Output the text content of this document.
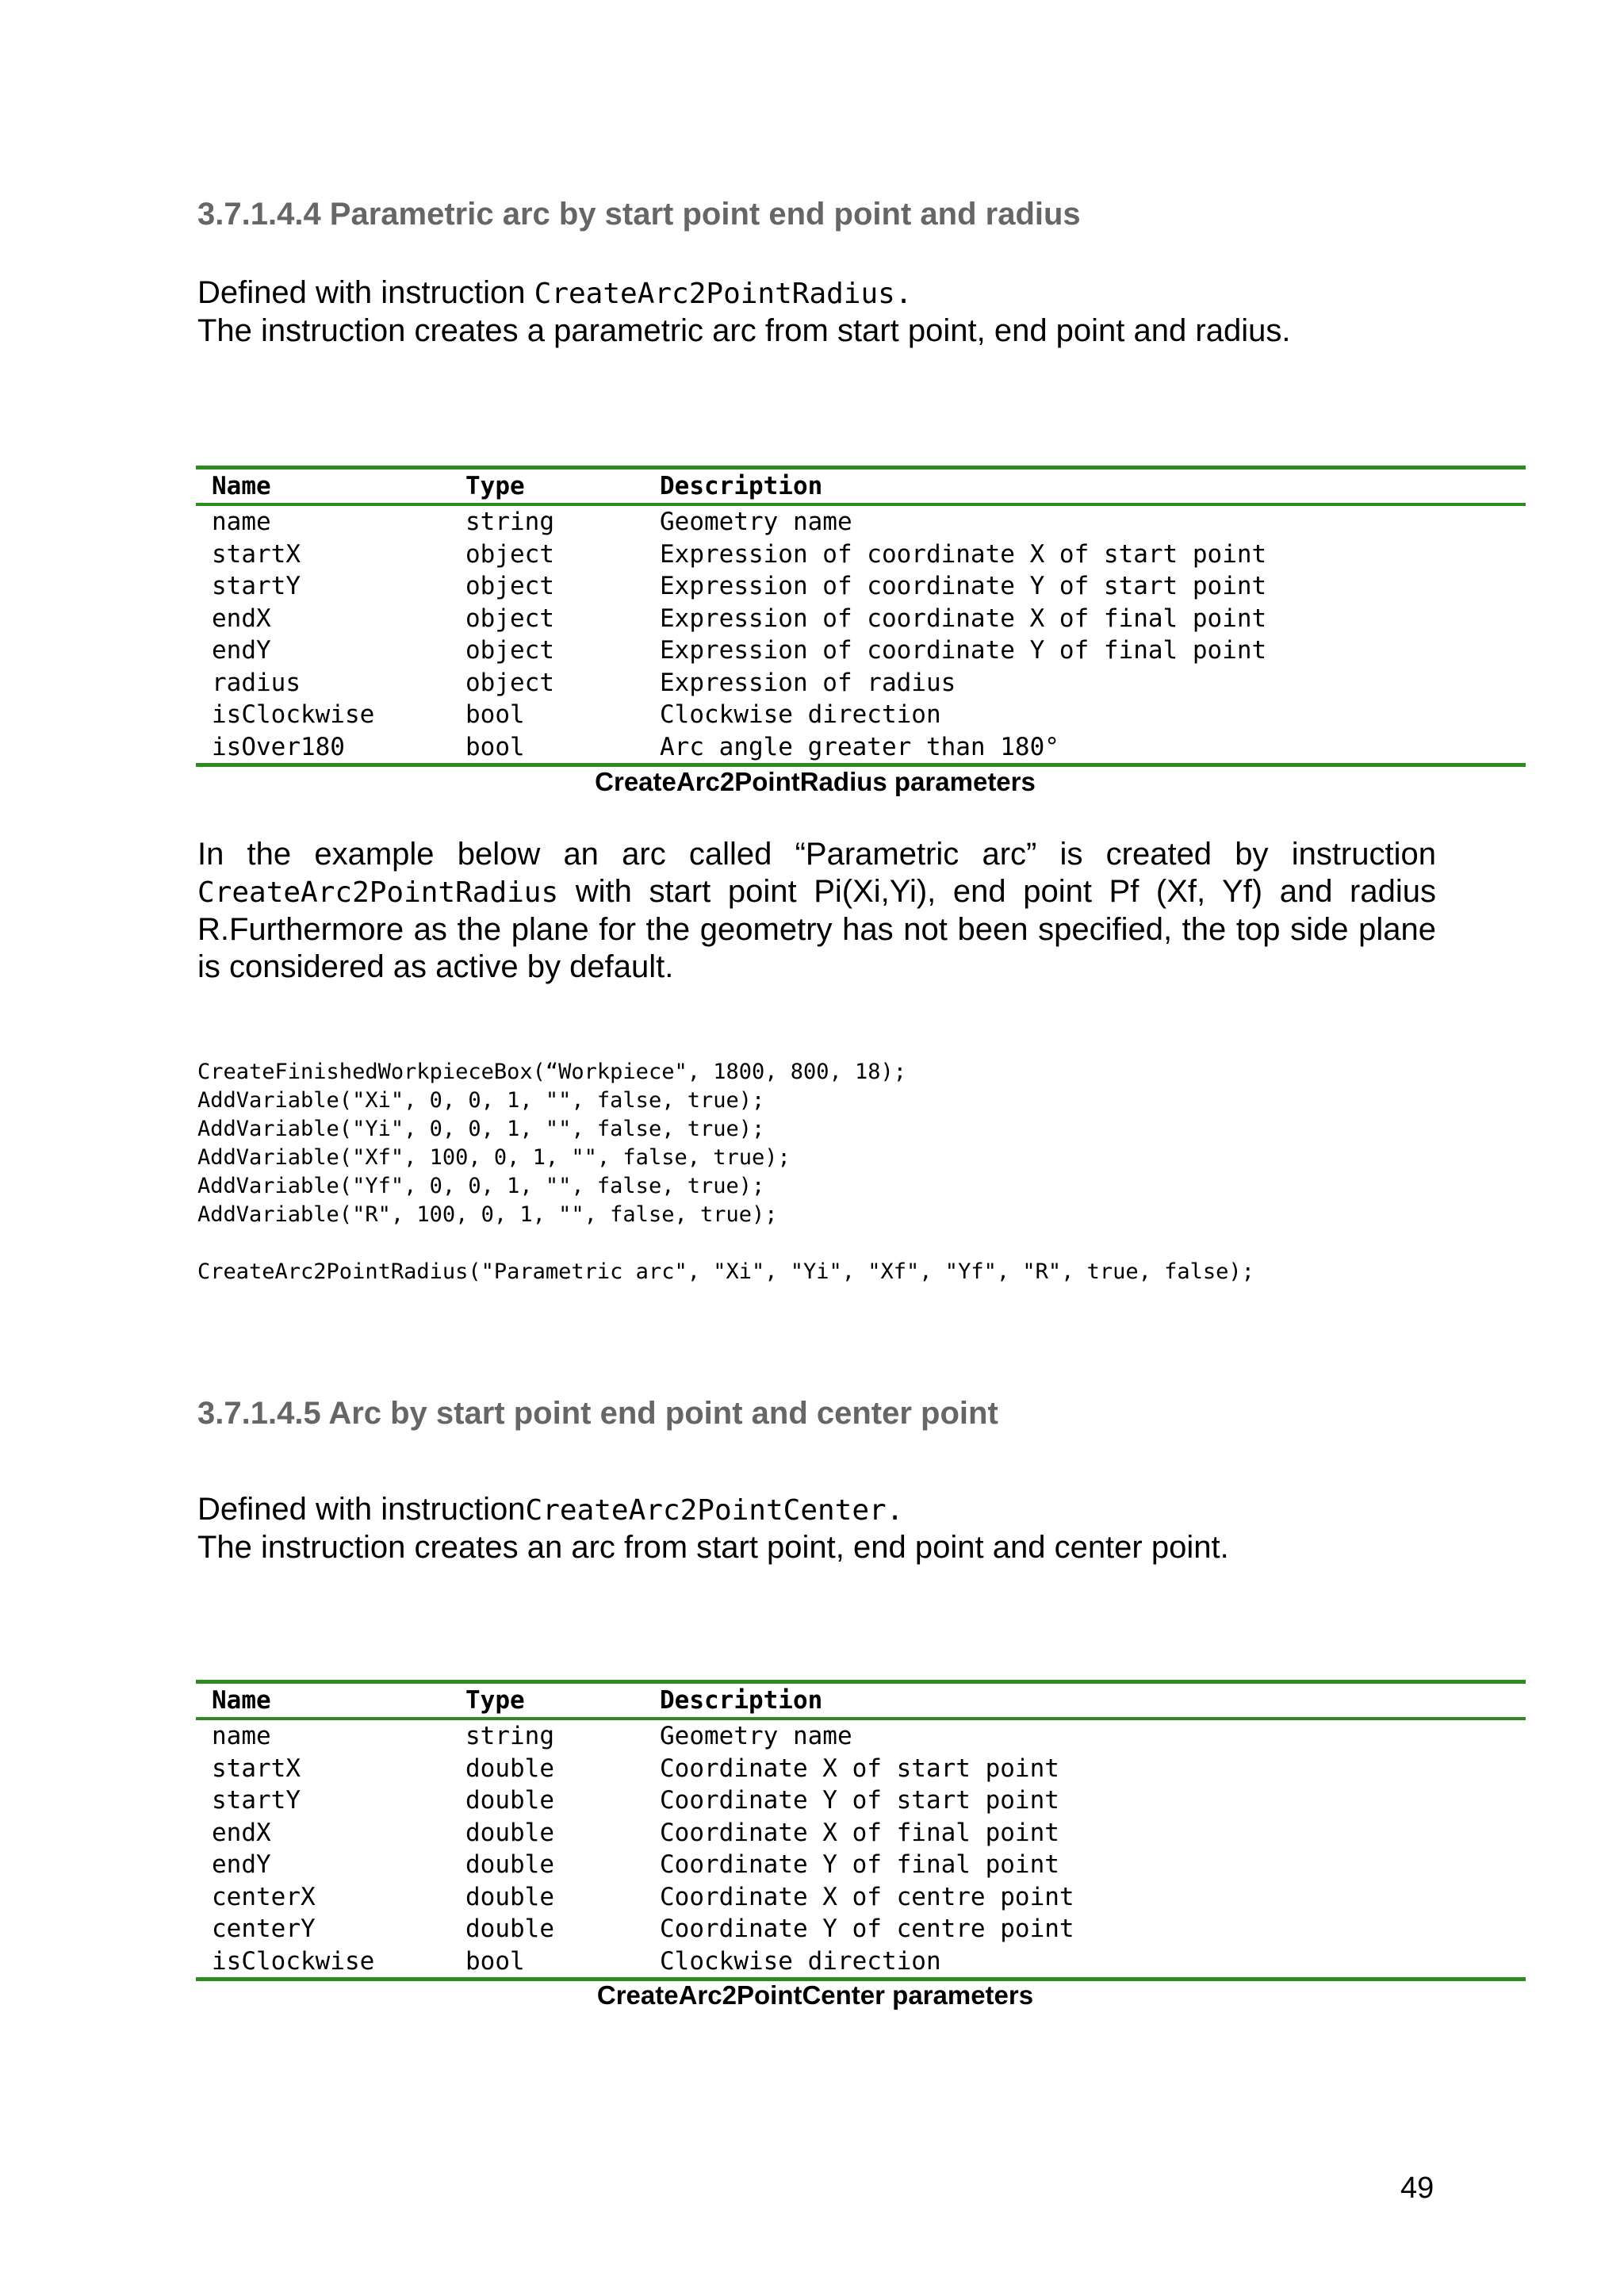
3.7.1.4.4 Parametric arc by start point end point and radius

Defined with instruction CreateArc2PointRadius.
The instruction creates a parametric arc from start point, end point and radius.

Name	Type	Description
name	string	Geometry name
startX	object	Expression of coordinate X of start point
startY	object	Expression of coordinate Y of start point
endX	object	Expression of coordinate X of final point
endY	object	Expression of coordinate Y of final point
radius	object	Expression of radius
isClockwise	bool	Clockwise direction
isOver180	bool	Arc angle greater than 180°

CreateArc2PointRadius parameters

In the example below an arc called “Parametric arc” is created by instruction CreateArc2PointRadius with start point Pi(Xi,Yi), end point Pf (Xf, Yf) and radius R.Furthermore as the plane for the geometry has not been specified, the top side plane is considered as active by default.

CreateFinishedWorkpieceBox(“Workpiece", 1800, 800, 18);
AddVariable("Xi", 0, 0, 1, "", false, true);
AddVariable("Yi", 0, 0, 1, "", false, true);
AddVariable("Xf", 100, 0, 1, "", false, true);
AddVariable("Yf", 0, 0, 1, "", false, true);
AddVariable("R", 100, 0, 1, "", false, true);

CreateArc2PointRadius("Parametric arc", "Xi", "Yi", "Xf", "Yf", "R", true, false);
3.7.1.4.5 Arc by start point end point and center point

Defined with instructionCreateArc2PointCenter.
The instruction creates an arc from start point, end point and center point.

Name	Type	Description
name	string	Geometry name
startX	double	Coordinate X of start point
startY	double	Coordinate Y of start point
endX	double	Coordinate X of final point
endY	double	Coordinate Y of final point
centerX	double	Coordinate X of centre point
centerY	double	Coordinate Y of centre point
isClockwise	bool	Clockwise direction

CreateArc2PointCenter parameters

49
